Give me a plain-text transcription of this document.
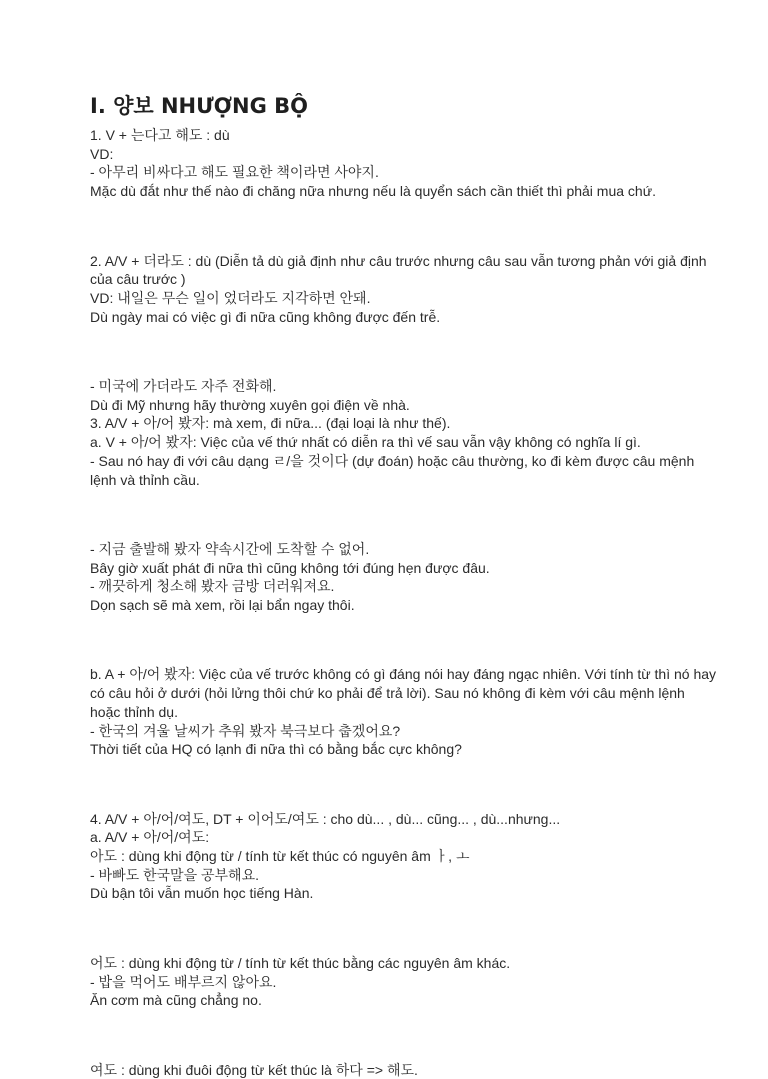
I. 양보 NHƯỢNG BỘ

1. V + 는다고 해도 : dù

VD:

- 아무리 비싸다고 해도 필요한 책이라면 사야지.

Mặc dù đắt như thế nào đi chăng nữa nhưng nếu là quyển sách cần thiết thì phải mua chứ.

2. A/V + 더라도 : dù (Diễn tả dù giả định như câu trước nhưng câu sau vẫn tương phản với giả định của câu trước )

VD: 내일은 무슨 일이 었더라도 지각하면 안돼.

Dù ngày mai có việc gì đi nữa cũng không được đến trễ.

- 미국에 가더라도 자주 전화해.

Dù đi Mỹ nhưng hãy thường xuyên gọi điện về nhà.

3. A/V + 아/어 봤자: mà xem, đi nữa... (đại loại là như thế).

a. V + 아/어 봤자: Việc của vế thứ nhất có diễn ra thì vế sau vẫn vậy không có nghĩa lí gì.

- Sau nó hay đi với câu dạng ㄹ/을 것이다 (dự đoán) hoặc câu thường, ko đi kèm được câu mệnh lệnh và thỉnh cầu.

- 지금 출발해 봤자 약속시간에 도착할 수 없어.

Bây giờ xuất phát đi nữa thì cũng không tới đúng hẹn được đâu.

- 깨끗하게 청소해 봤자 금방 더러워져요.

Dọn sạch sẽ mà xem, rồi lại bẩn ngay thôi.

b. A + 아/어 봤자: Việc của vế trước không có gì đáng nói hay đáng ngạc nhiên. Với tính từ thì nó hay có câu hỏi ở dưới (hỏi lửng thôi chứ ko phải để trả lời). Sau nó không đi kèm với câu mệnh lệnh hoặc thỉnh dụ.

- 한국의 겨울 날씨가 추워 봤자 북극보다 춥겠어요?

Thời tiết của HQ có lạnh đi nữa thì có bằng bắc cực không?

4. A/V + 아/어/여도, DT + 이어도/여도 : cho dù... , dù... cũng... , dù...nhưng...

a. A/V + 아/어/여도:

아도 : dùng khi động từ / tính từ kết thúc có nguyên âm ㅏ, ㅗ

- 바빠도 한국말을 공부해요.

Dù bận tôi vẫn muốn học tiếng Hàn.

어도 : dùng khi động từ / tính từ kết thúc bằng các nguyên âm khác.

- 밥을 먹어도 배부르지 않아요.

Ăn cơm mà cũng chẳng no.

여도 : dùng khi đuôi động từ kết thúc là 하다 => 해도.
